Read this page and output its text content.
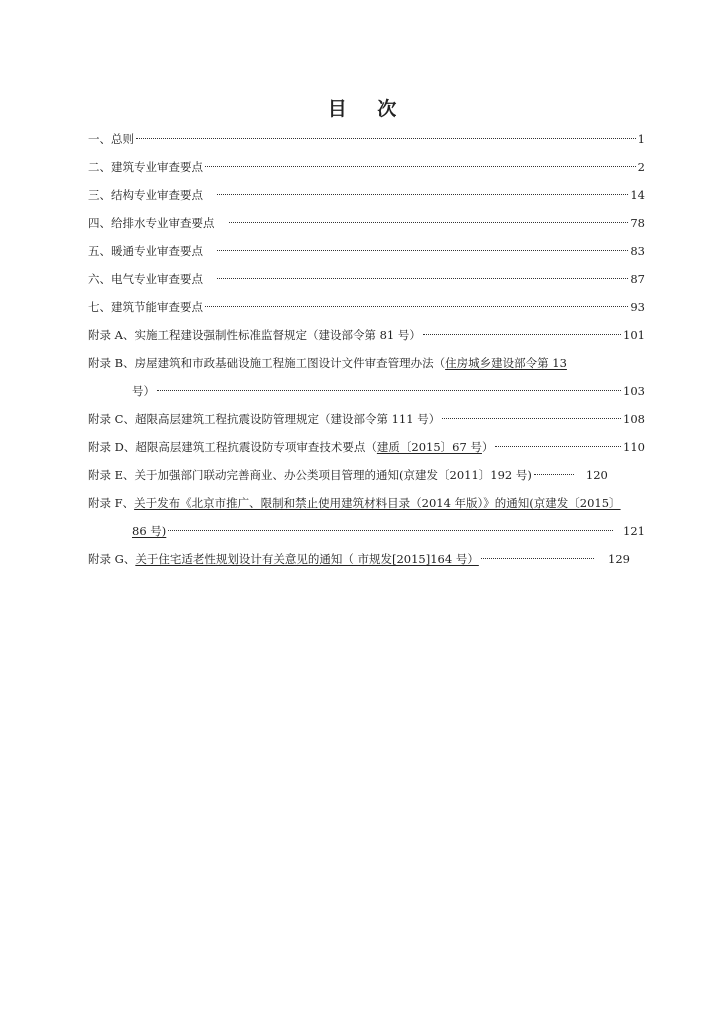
目 次
一、总则	1
二、建筑专业审查要点	2
三、结构专业审查要点	14
四、给排水专业审查要点	78
五、暖通专业审查要点	83
六、电气专业审查要点	87
七、建筑节能审查要点	93
附录 A、实施工程建设强制性标准监督规定（建设部令第 81 号）	101
附录 B、房屋建筑和市政基础设施工程施工图设计文件审查管理办法（住房城乡建设部令第 13
号）	103
附录 C、超限高层建筑工程抗震设防管理规定（建设部令第 111 号）	108
附录 D、超限高层建筑工程抗震设防专项审查技术要点（建质〔2015〕67 号）	110
附录 E、关于加强部门联动完善商业、办公类项目管理的通知(京建发〔2011〕192 号)	120
附录 F、关于发布《北京市推广、限制和禁止使用建筑材料目录（2014 年版）》的通知(京建发〔2015〕
86 号)	121
附录 G、关于住宅适老性规划设计有关意见的通知（ 市规发[2015]164 号）	129
